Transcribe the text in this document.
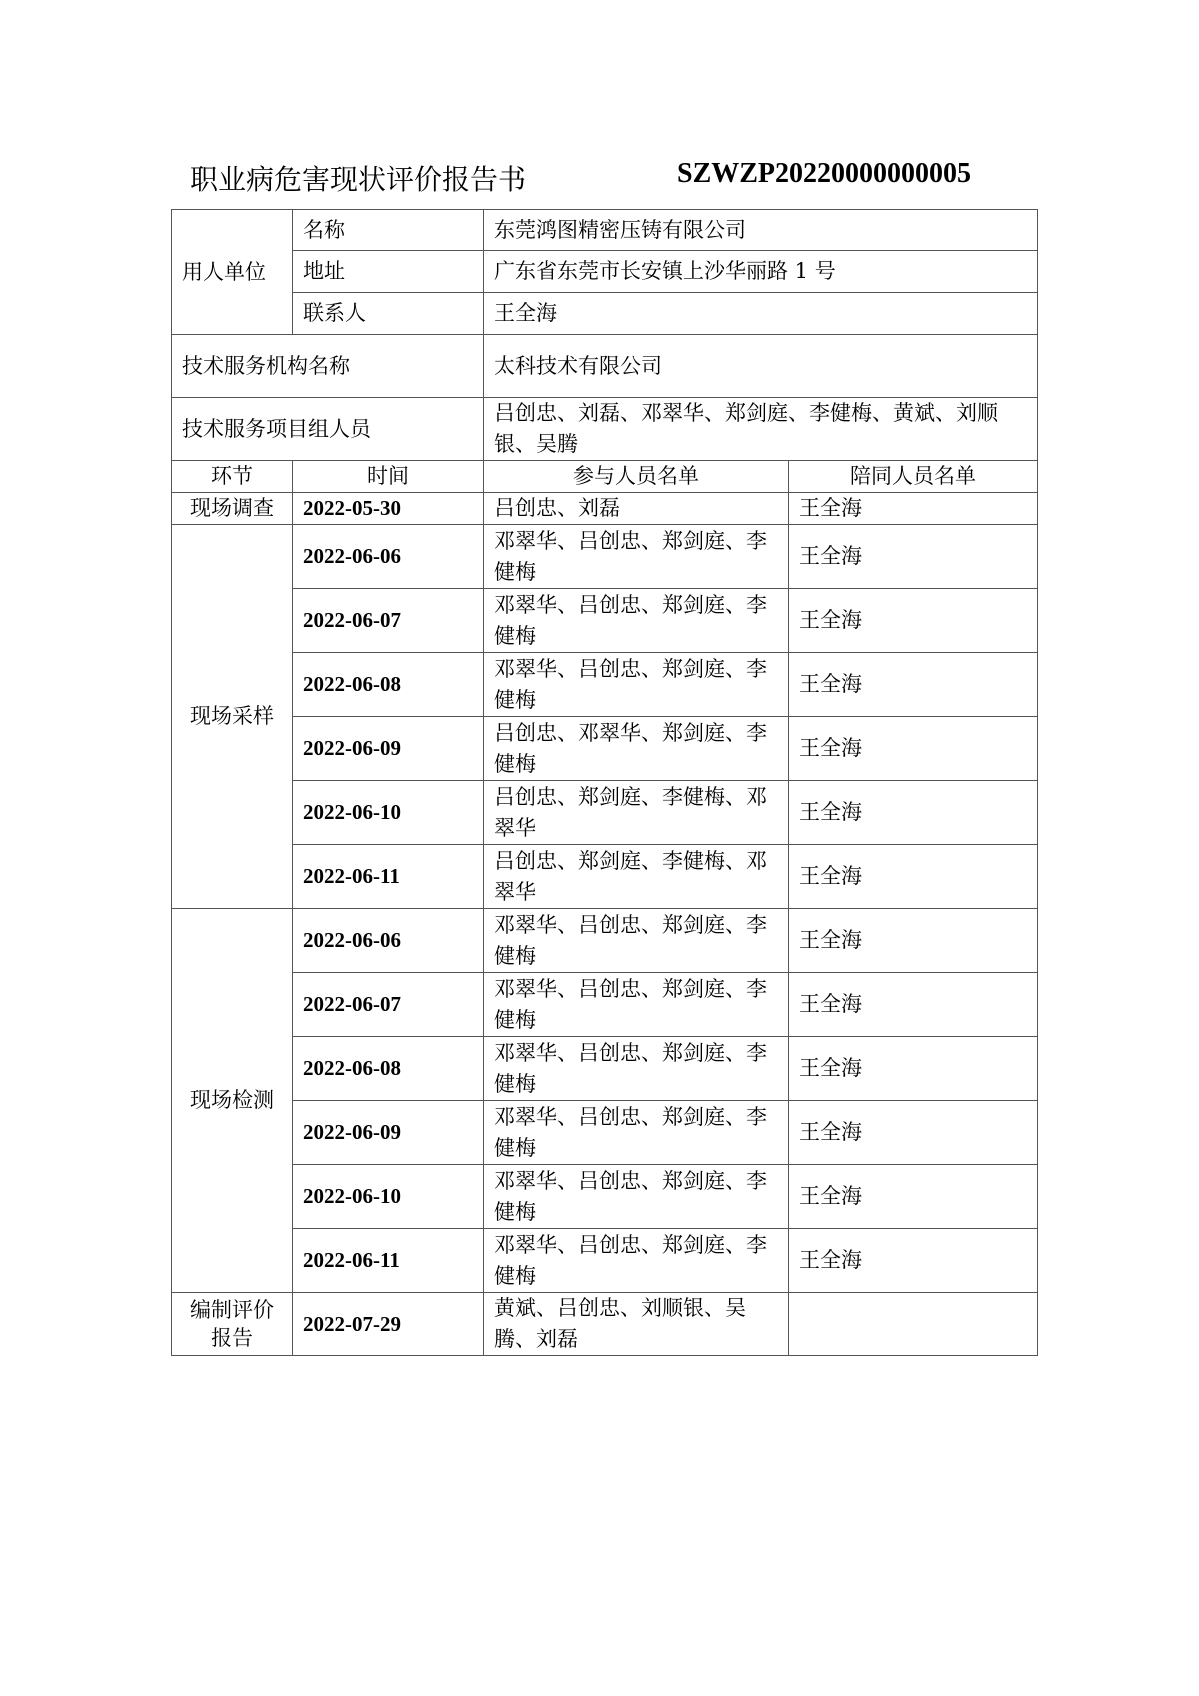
职业病危害现状评价报告书	SZWZP20220000000005
用人单位	名称	东莞鸿图精密压铸有限公司	
	地址	广东省东莞市长安镇上沙华丽路 1 号	
	联系人	王全海	
技术服务机构名称		太科技术有限公司	
技术服务项目组人员		吕创忠、刘磊、邓翠华、郑剑庭、李健梅、黄斌、刘顺银、吴腾	
环节	时间	参与人员名单	陪同人员名单
现场调查	2022-05-30	吕创忠、刘磊	王全海
现场采样	2022-06-06	邓翠华、吕创忠、郑剑庭、李健梅	王全海
	2022-06-07	邓翠华、吕创忠、郑剑庭、李健梅	王全海
	2022-06-08	邓翠华、吕创忠、郑剑庭、李健梅	王全海
	2022-06-09	吕创忠、邓翠华、郑剑庭、李健梅	王全海
	2022-06-10	吕创忠、郑剑庭、李健梅、邓翠华	王全海
	2022-06-11	吕创忠、郑剑庭、李健梅、邓翠华	王全海
现场检测	2022-06-06	邓翠华、吕创忠、郑剑庭、李健梅	王全海
	2022-06-07	邓翠华、吕创忠、郑剑庭、李健梅	王全海
	2022-06-08	邓翠华、吕创忠、郑剑庭、李健梅	王全海
	2022-06-09	邓翠华、吕创忠、郑剑庭、李健梅	王全海
	2022-06-10	邓翠华、吕创忠、郑剑庭、李健梅	王全海
	2022-06-11	邓翠华、吕创忠、郑剑庭、李健梅	王全海
编制评价报告	2022-07-29	黄斌、吕创忠、刘顺银、吴腾、刘磊	
